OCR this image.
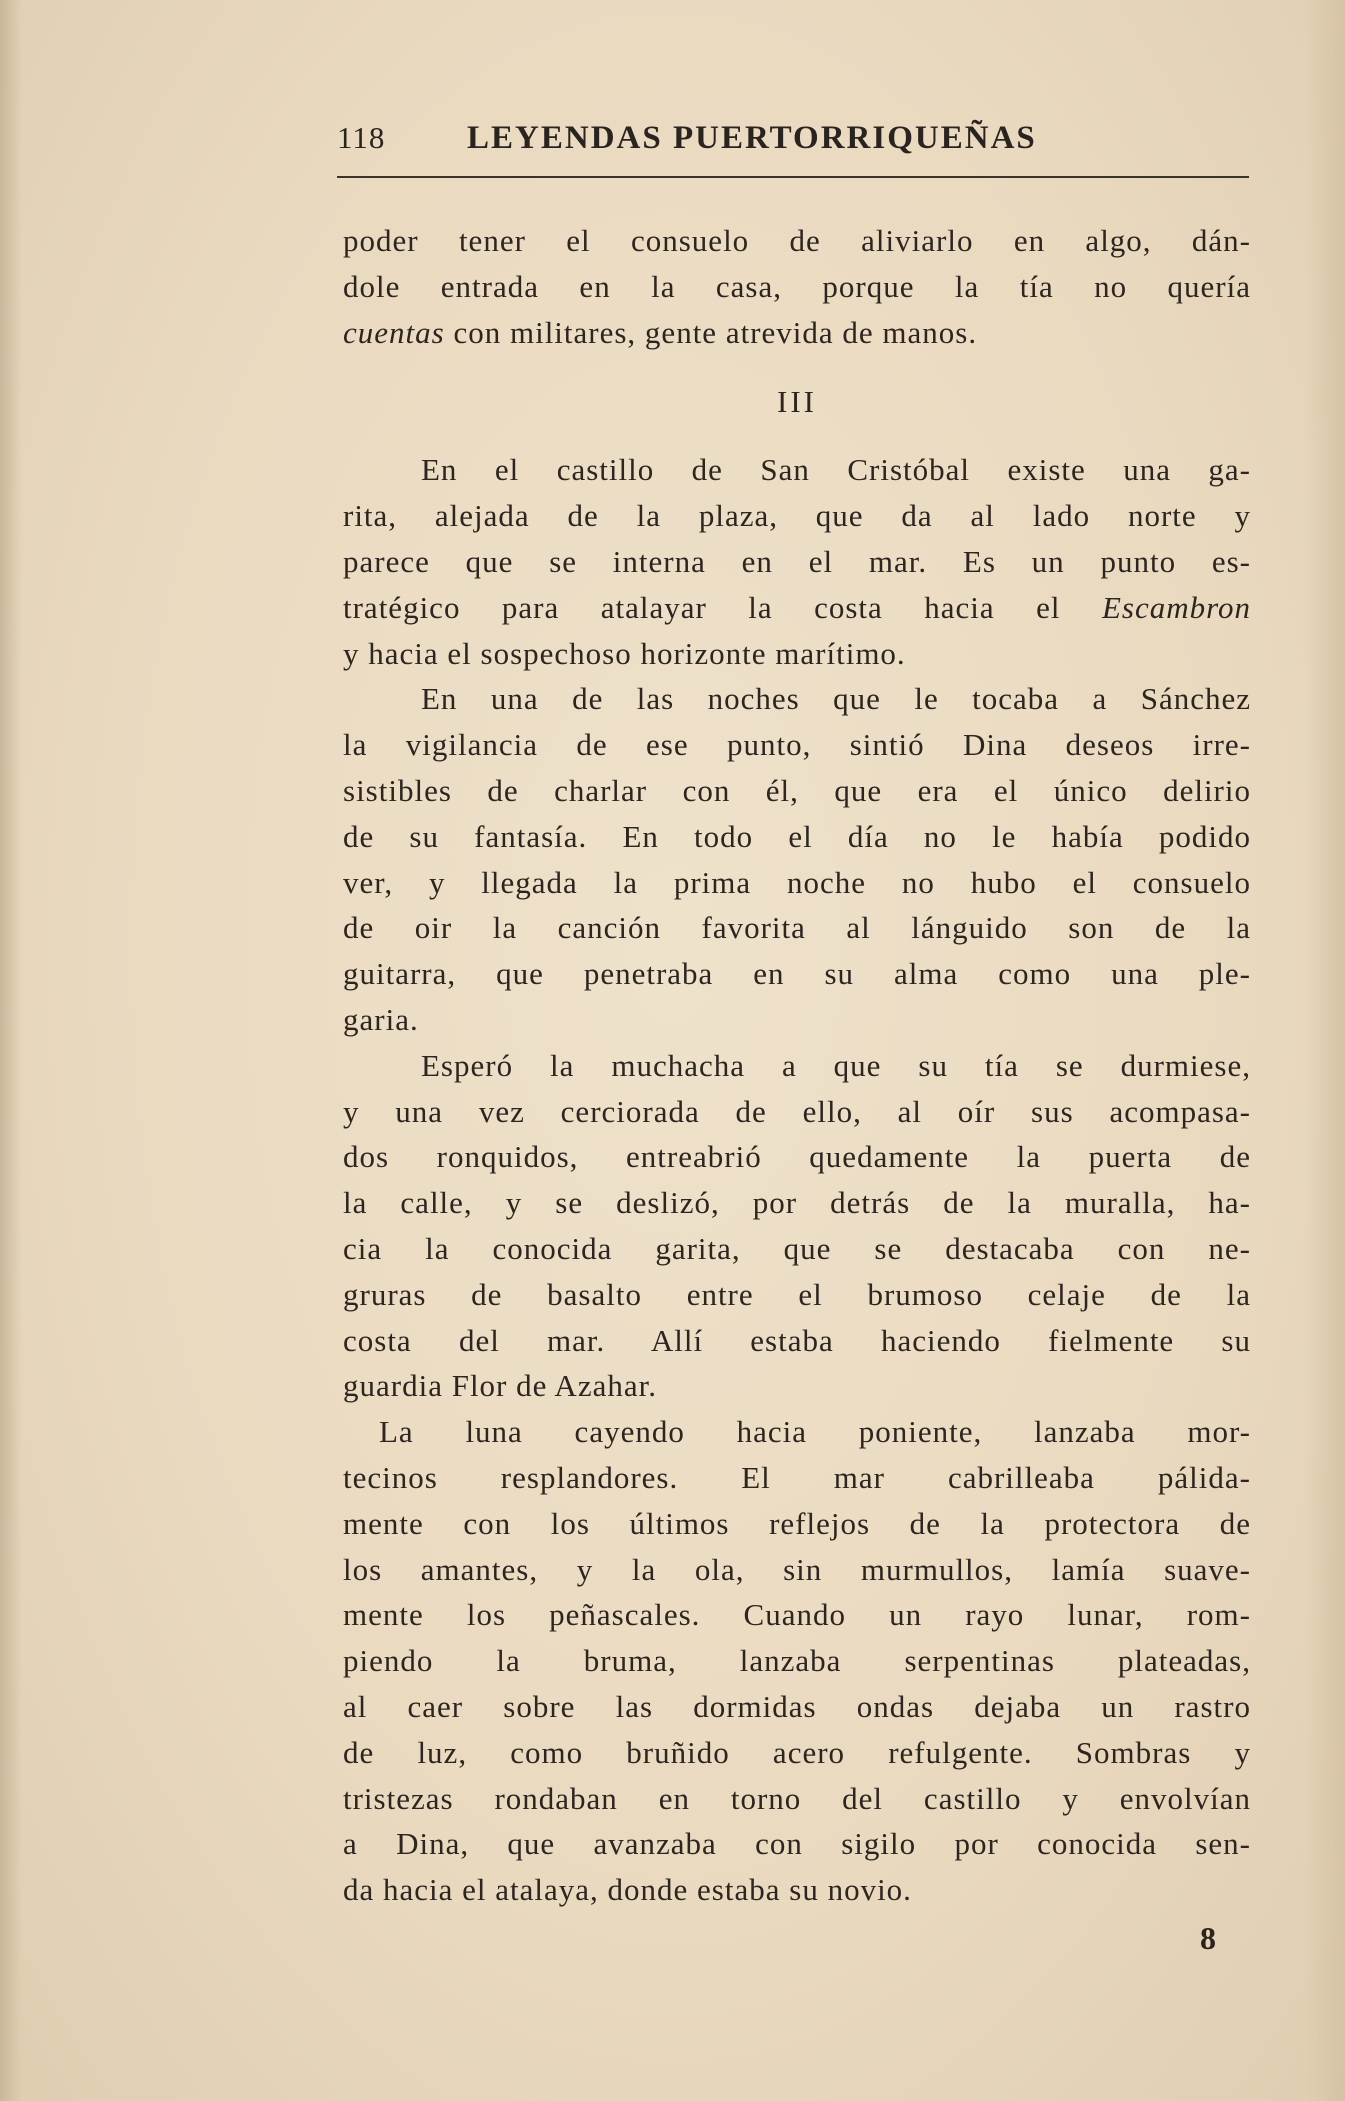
118	LEYENDAS PUERTORRIQUEÑAS
poder tener el consuelo de aliviarlo en algo, dán-
dole entrada en la casa, porque la tía no quería
cuentas con militares, gente atrevida de manos.
III
En el castillo de San Cristóbal existe una ga-
rita, alejada de la plaza, que da al lado norte y
parece que se interna en el mar. Es un punto es-
tratégico para atalayar la costa hacia el Escambron
y hacia el sospechoso horizonte marítimo.
En una de las noches que le tocaba a Sánchez
la vigilancia de ese punto, sintió Dina deseos irre-
sistibles de charlar con él, que era el único delirio
de su fantasía. En todo el día no le había podido
ver, y llegada la prima noche no hubo el consuelo
de oir la canción favorita al lánguido son de la
guitarra, que penetraba en su alma como una ple-
garia.
Esperó la muchacha a que su tía se durmiese,
y una vez cerciorada de ello, al oír sus acompasa-
dos ronquidos, entreabrió quedamente la puerta de
la calle, y se deslizó, por detrás de la muralla, ha-
cia la conocida garita, que se destacaba con ne-
gruras de basalto entre el brumoso celaje de la
costa del mar. Allí estaba haciendo fielmente su
guardia Flor de Azahar.
La luna cayendo hacia poniente, lanzaba mor-
tecinos resplandores. El mar cabrilleaba pálida-
mente con los últimos reflejos de la protectora de
los amantes, y la ola, sin murmullos, lamía suave-
mente los peñascales. Cuando un rayo lunar, rom-
piendo la bruma, lanzaba serpentinas plateadas,
al caer sobre las dormidas ondas dejaba un rastro
de luz, como bruñido acero refulgente. Sombras y
tristezas rondaban en torno del castillo y envolvían
a Dina, que avanzaba con sigilo por conocida sen-
da hacia el atalaya, donde estaba su novio.
8
